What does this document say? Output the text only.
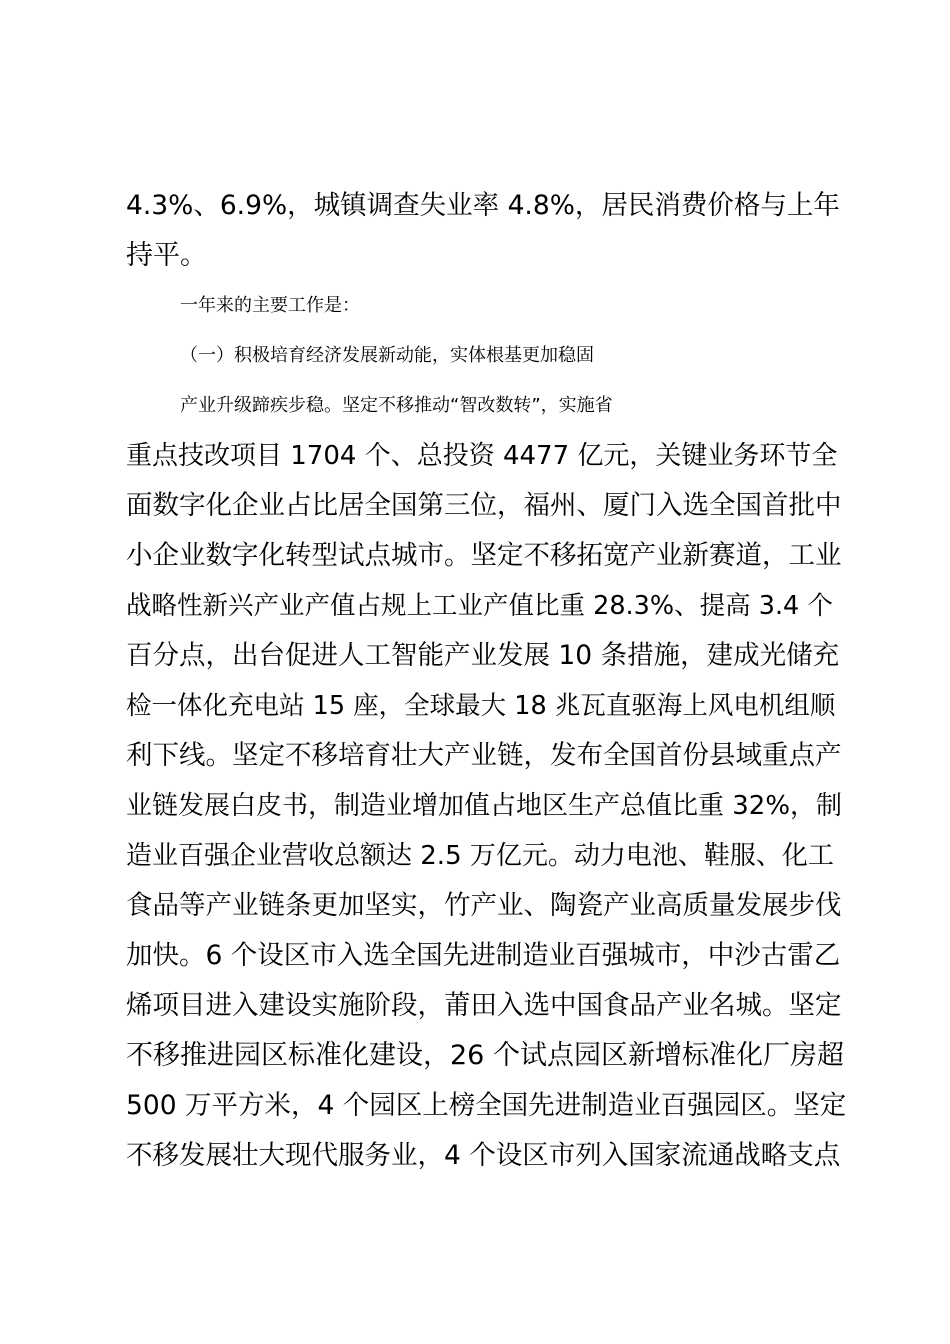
4.3%、6.9%，城镇调查失业率 4.8%，居民消费价格与上年
持平。
一年来的主要工作是：
（一）积极培育经济发展新动能，实体根基更加稳固
产业升级蹄疾步稳。坚定不移推动“智改数转”，实施省
重点技改项目 1704 个、总投资 4477 亿元，关键业务环节全
面数字化企业占比居全国第三位，福州、厦门入选全国首批中
小企业数字化转型试点城市。坚定不移拓宽产业新赛道，工业
战略性新兴产业产值占规上工业产值比重 28.3%、提高 3.4 个
百分点，出台促进人工智能产业发展 10 条措施，建成光储充
检一体化充电站 15 座，全球最大 18 兆瓦直驱海上风电机组顺
利下线。坚定不移培育壮大产业链，发布全国首份县域重点产
业链发展白皮书，制造业增加值占地区生产总值比重 32%，制
造业百强企业营收总额达 2.5 万亿元。动力电池、鞋服、化工
食品等产业链条更加坚实，竹产业、陶瓷产业高质量发展步伐
加快。6 个设区市入选全国先进制造业百强城市，中沙古雷乙
烯项目进入建设实施阶段，莆田入选中国食品产业名城。坚定
不移推进园区标准化建设，26 个试点园区新增标准化厂房超
500 万平方米，4 个园区上榜全国先进制造业百强园区。坚定
不移发展壮大现代服务业，4 个设区市列入国家流通战略支点
